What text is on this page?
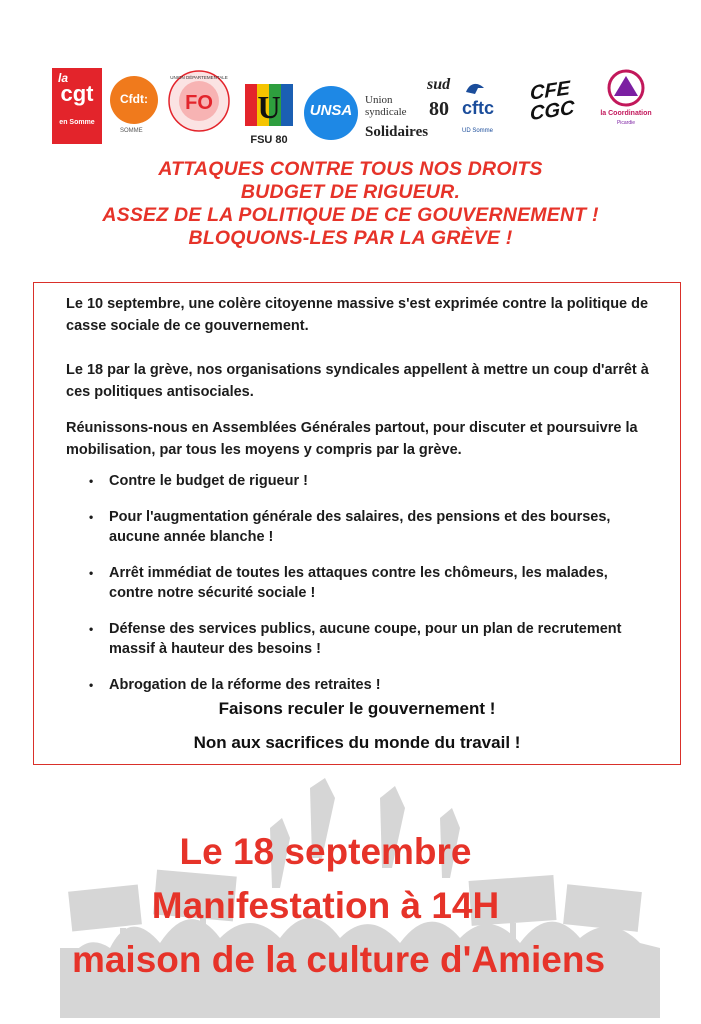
la
cgt
en Somme
Cfdt:
SOMME
FO
UNION DÉPARTEMENTALE
U
FSU 80
UNSA
Union
syndicale
sud
80
Solidaires
cftc
UD Somme
CFE
CGC	la Coordination
Picardie
ATTAQUES CONTRE TOUS NOS DROITS
BUDGET DE RIGUEUR.
ASSEZ DE LA POLITIQUE DE CE GOUVERNEMENT !
BLOQUONS-LES PAR LA GRÈVE !
Le 10 septembre, une colère citoyenne massive s'est exprimée contre la politique de casse sociale de ce gouvernement.
Le 18 par la grève, nos organisations syndicales appellent à mettre un coup d'arrêt à ces politiques antisociales.
Réunissons-nous en Assemblées Générales partout, pour discuter et poursuivre la mobilisation, par tous les moyens y compris par la grève.
• Contre le budget de rigueur !
• Pour l'augmentation générale des salaires, des pensions et des bourses, aucune année blanche !
• Arrêt immédiat de toutes les attaques contre les chômeurs, les malades, contre notre sécurité sociale !
• Défense des services publics, aucune coupe, pour un plan de recrutement massif à hauteur des besoins !
• Abrogation de la réforme des retraites !
Faisons reculer le gouvernement !
Non aux sacrifices du monde du travail !
Le 18 septembre
Manifestation à 14H
maison de la culture d'Amiens
